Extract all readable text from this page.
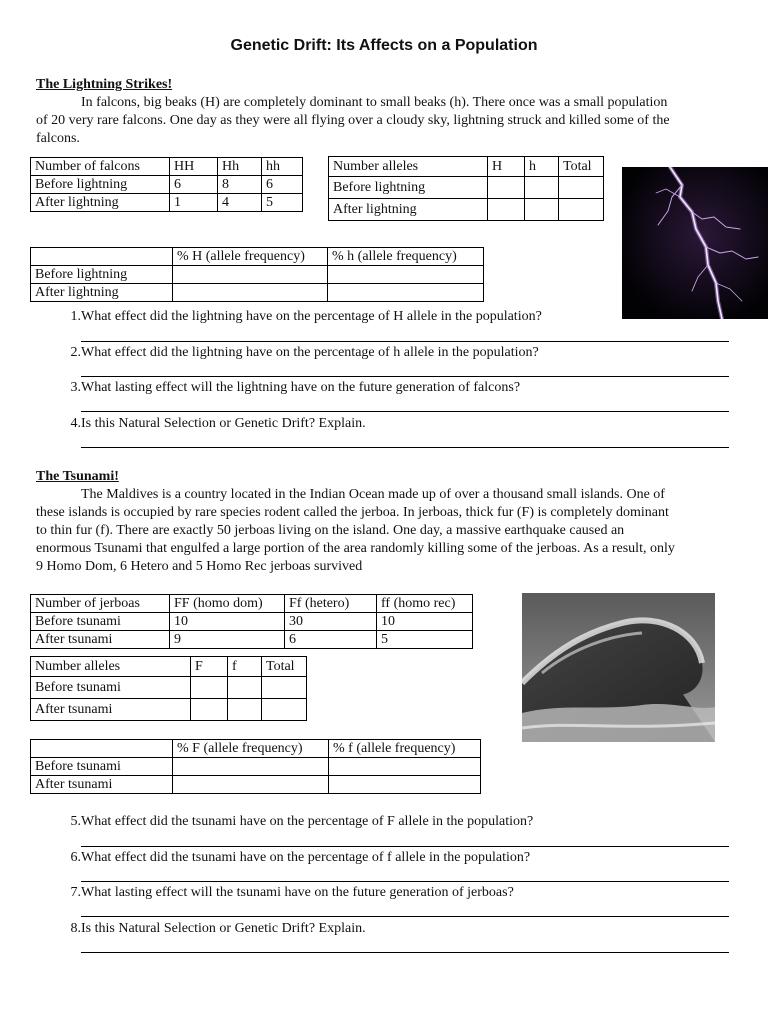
Genetic Drift: Its Affects on a Population
The Lightning Strikes!

In falcons, big beaks (H) are completely dominant to small beaks (h). There once was a small population

of 20 very rare falcons. One day as they were all flying over a cloudy sky, lightning struck and killed some of the

falcons.

Number of falcons	HH	Hh	hh
Before lightning	6	8	6
After lightning	1	4	5
Number alleles	H	h	Total
Before lightning			
After lightning			
	% H (allele frequency)	% h (allele frequency)
Before lightning		
After lightning		
1. What effect did the lightning have on the percentage of H allele in the population?
2. What effect did the lightning have on the percentage of h allele in the population?
3. What lasting effect will the lightning have on the future generation of falcons?
4. Is this Natural Selection or Genetic Drift? Explain.
The Tsunami!

The Maldives is a country located in the Indian Ocean made up of over a thousand small islands. One of

these islands is occupied by rare species rodent called the jerboa. In jerboas, thick fur (F) is completely dominant

to thin fur (f). There are exactly 50 jerboas living on the island. One day, a massive earthquake caused an

enormous Tsunami that engulfed a large portion of the area randomly killing some of the jerboas. As a result, only

9 Homo Dom, 6 Hetero and 5 Homo Rec jerboas survived

Number of jerboas	FF (homo dom)	Ff (hetero)	ff (homo rec)
Before tsunami	10	30	10
After tsunami	9	6	5
Number alleles	F	f	Total
Before tsunami			
After tsunami			
	% F (allele frequency)	% f (allele frequency)
Before tsunami		
After tsunami		
5. What effect did the tsunami have on the percentage of F allele in the population?
6. What effect did the tsunami have on the percentage of f allele in the population?
7. What lasting effect will the tsunami have on the future generation of jerboas?
8. Is this Natural Selection or Genetic Drift? Explain.
